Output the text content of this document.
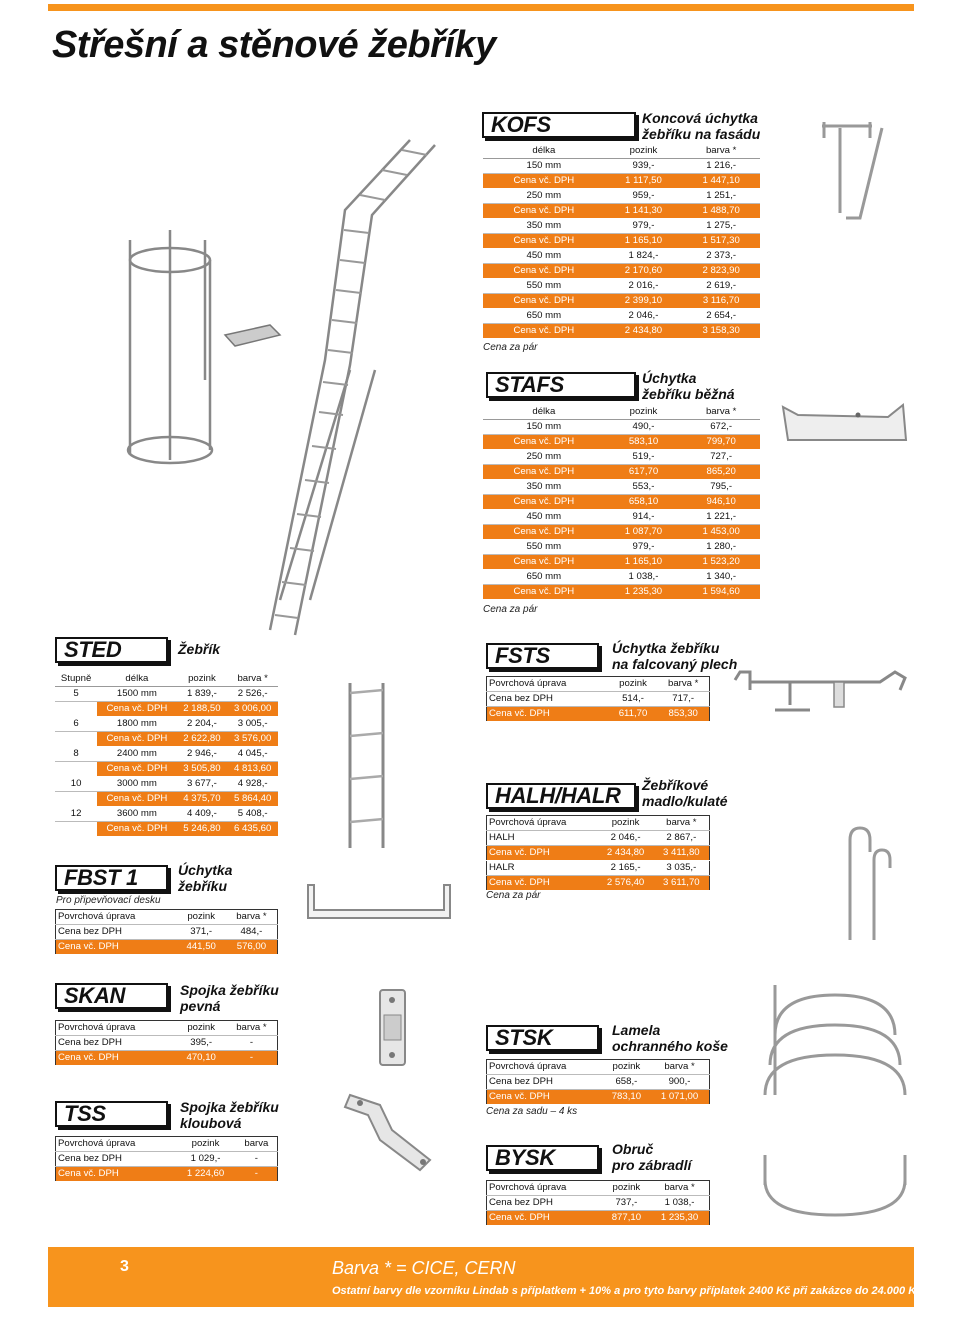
Střešní a stěnové žebříky
KOFS	Koncová úchytka
žebříku na fasádu
délka	pozink	barva *
150 mm	939,-	1 216,-
Cena vč. DPH	1 117,50	1 447,10
250 mm	959,-	1 251,-
Cena vč. DPH	1 141,30	1 488,70
350 mm	979,-	1 275,-
Cena vč. DPH	1 165,10	1 517,30
450 mm	1 824,-	2 373,-
Cena vč. DPH	2 170,60	2 823,90
550 mm	2 016,-	2 619,-
Cena vč. DPH	2 399,10	3 116,70
650 mm	2 046,-	2 654,-
Cena vč. DPH	2 434,80	3 158,30
Cena za pár
STAFS	Úchytka
žebříku běžná
délka	pozink	barva *
150 mm	490,-	672,-
Cena vč. DPH	583,10	799,70
250 mm	519,-	727,-
Cena vč. DPH	617,70	865,20
350 mm	553,-	795,-
Cena vč. DPH	658,10	946,10
450 mm	914,-	1 221,-
Cena vč. DPH	1 087,70	1 453,00
550 mm	979,-	1 280,-
Cena vč. DPH	1 165,10	1 523,20
650 mm	1 038,-	1 340,-
Cena vč. DPH	1 235,30	1 594,60
Cena za pár
STED	Žebřík
Stupně	délka	pozink	barva *
5	1500 mm	1 839,-	2 526,-
	Cena vč. DPH	2 188,50	3 006,00
6	1800 mm	2 204,-	3 005,-
	Cena vč. DPH	2 622,80	3 576,00
8	2400 mm	2 946,-	4 045,-
	Cena vč. DPH	3 505,80	4 813,60
10	3000 mm	3 677,-	4 928,-
	Cena vč. DPH	4 375,70	5 864,40
12	3600 mm	4 409,-	5 408,-
	Cena vč. DPH	5 246,80	6 435,60
FBST 1	Úchytka
žebříku
Pro připevňovací desku
Povrchová úprava	pozink	barva *
Cena bez DPH	371,-	484,-
Cena vč. DPH	441,50	576,00
FSTS	Úchytka žebříku
na falcovaný plech
Povrchová úprava	pozink	barva *
Cena bez DPH	514,-	717,-
Cena vč. DPH	611,70	853,30
HALH/HALR	Žebříkové
madlo/kulaté
Povrchová úprava	pozink	barva *
HALH	2 046,-	2 867,-
Cena vč. DPH	2 434,80	3 411,80
HALR	2 165,-	3 035,-
Cena vč. DPH	2 576,40	3 611,70
Cena za pár
SKAN	Spojka žebříku
pevná
Povrchová úprava	pozink	barva *
Cena bez DPH	395,-	-
Cena vč. DPH	470,10	-
TSS	Spojka žebříku
kloubová
Povrchová úprava	pozink	barva
Cena bez DPH	1 029,-	-
Cena vč. DPH	1 224,60	-
STSK	Lamela
ochranného koše
Povrchová úprava	pozink	barva *
Cena bez DPH	658,-	900,-
Cena vč. DPH	783,10	1 071,00
Cena za sadu – 4 ks
BYSK	Obruč
pro zábradlí
Povrchová úprava	pozink	barva *
Cena bez DPH	737,-	1 038,-
Cena vč. DPH	877,10	1 235,30
3	Barva * = CICE, CERN
Ostatní barvy dle vzorníku Lindab s příplatkem + 10% a pro tyto barvy příplatek 2400 Kč při zakázce do 24.000 Kč
